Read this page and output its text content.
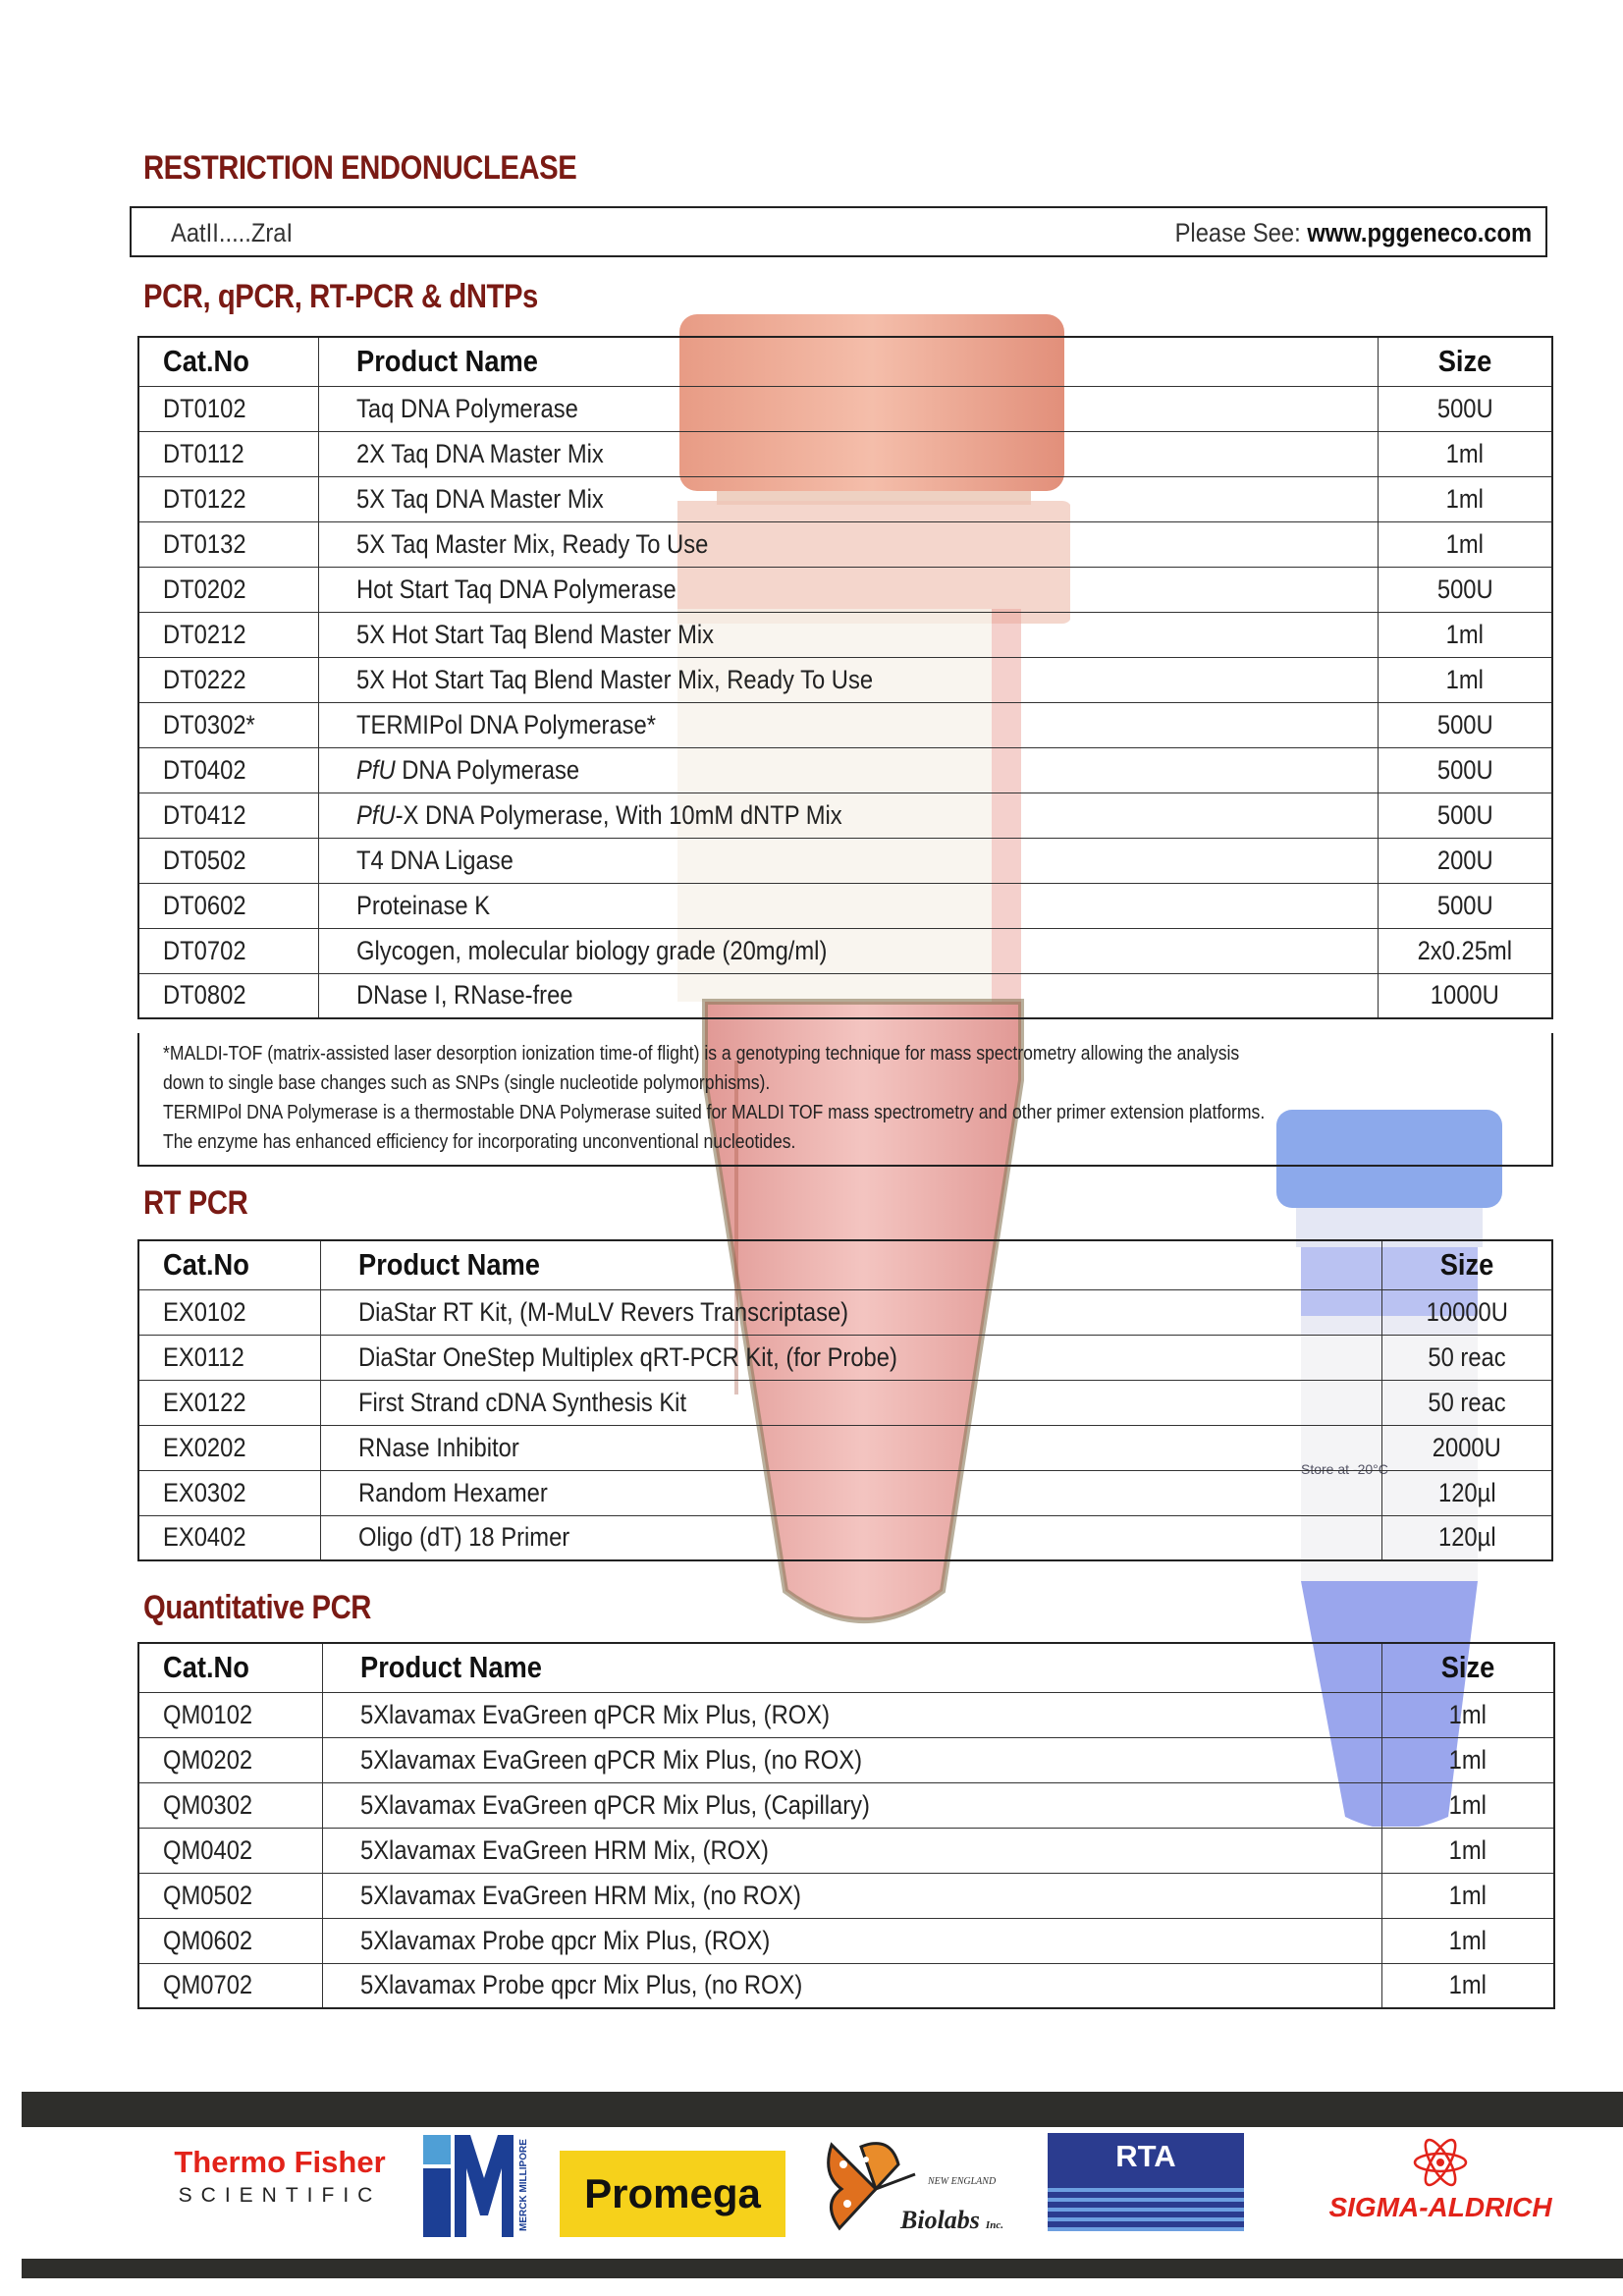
Store at -20°C
RESTRICTION ENDONUCLEASE
AatII.....ZraI	Please See: www.pggeneco.com
PCR, qPCR, RT-PCR & dNTPs
Cat.No	Product Name	Size
DT0102	Taq DNA Polymerase	500U
DT0112	2X Taq DNA Master Mix	1ml
DT0122	5X Taq DNA Master Mix	1ml
DT0132	5X Taq Master Mix, Ready To Use	1ml
DT0202	Hot Start Taq DNA Polymerase	500U
DT0212	5X Hot Start Taq Blend Master Mix	1ml
DT0222	5X Hot Start Taq Blend Master Mix, Ready To Use	1ml
DT0302*	TERMIPol DNA Polymerase*	500U
DT0402	PfU DNA Polymerase	500U
DT0412	PfU-X DNA Polymerase, With 10mM dNTP Mix	500U
DT0502	T4 DNA Ligase	200U
DT0602	Proteinase K	500U
DT0702	Glycogen, molecular biology grade (20mg/ml)	2x0.25ml
DT0802	DNase I, RNase-free	1000U

*MALDI-TOF (matrix-assisted laser desorption ionization time-of flight) is a genotyping technique for mass spectrometry allowing the analysis

down to single base changes such as SNPs (single nucleotide polymorphisms).

TERMIPol DNA Polymerase is a thermostable DNA Polymerase suited for MALDI TOF mass spectrometry and other primer extension platforms.

The enzyme has enhanced efficiency for incorporating unconventional nucleotides.

RT PCR
Cat.No	Product Name	Size
EX0102	DiaStar RT Kit, (M-MuLV Revers Transcriptase)	10000U
EX0112	DiaStar OneStep Multiplex qRT-PCR Kit, (for Probe)	50 reac
EX0122	First Strand cDNA Synthesis Kit	50 reac
EX0202	RNase Inhibitor	2000U
EX0302	Random Hexamer	120µl
EX0402	Oligo (dT) 18 Primer	120µl
Quantitative PCR
Cat.No	Product Name	Size
QM0102	5Xlavamax EvaGreen qPCR Mix Plus, (ROX)	1ml
QM0202	5Xlavamax EvaGreen qPCR Mix Plus, (no ROX)	1ml
QM0302	5Xlavamax EvaGreen qPCR Mix Plus, (Capillary)	1ml
QM0402	5Xlavamax EvaGreen HRM Mix, (ROX)	1ml
QM0502	5Xlavamax EvaGreen HRM Mix, (no ROX)	1ml
QM0602	5Xlavamax Probe qpcr Mix Plus, (ROX)	1ml
QM0702	5Xlavamax Probe qpcr Mix Plus, (no ROX)	1ml
Thermo Fisher
SCIENTIFIC	MERCK MILLIPORE Promega	NEW ENGLAND
Biolabs Inc.
RTA
SIGMA-ALDRICH
